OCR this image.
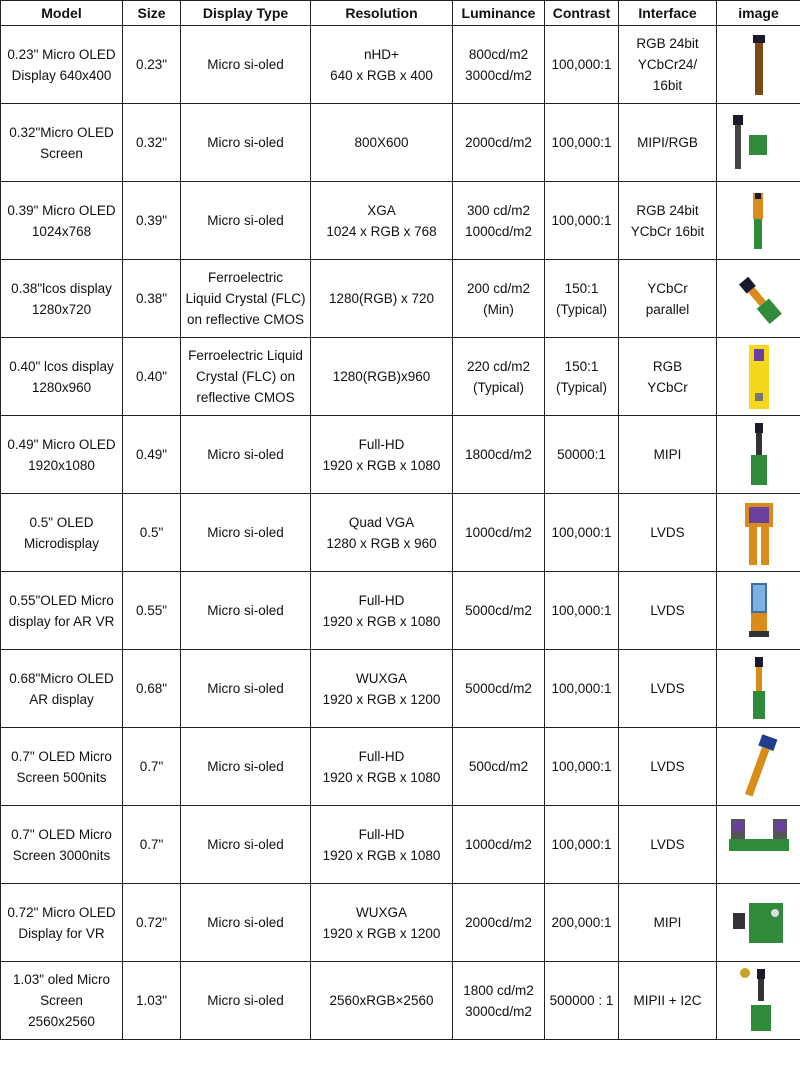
Model	Size	Display Type	Resolution	Luminance	Contrast	Interface	image

0.23" Micro OLED
Display 640x400	0.23"	Micro si-oled	nHD+
640 x RGB x 400	800cd/m2
3000cd/m2	100,000:1	RGB 24bit
YCbCr24/
16bit

0.32"Micro OLED
Screen	0.32"	Micro si-oled	800X600	2000cd/m2	100,000:1	MIPI/RGB

0.39" Micro OLED
1024x768	0.39"	Micro si-oled	XGA
1024 x RGB x 768	300 cd/m2
1000cd/m2	100,000:1	RGB 24bit
YCbCr 16bit

0.38"lcos display
1280x720	0.38"	Ferroelectric
Liquid Crystal (FLC)
on reflective CMOS	1280(RGB) x 720	200 cd/m2
(Min)	150:1
(Typical)	YCbCr
parallel

0.40" lcos display
1280x960	0.40"	Ferroelectric Liquid
Crystal (FLC) on
reflective CMOS	1280(RGB)x960	220 cd/m2
(Typical)	150:1
(Typical)	RGB
YCbCr

0.49" Micro OLED
1920x1080	0.49"	Micro si-oled	Full-HD
1920 x RGB x 1080	1800cd/m2	50000:1	MIPI

0.5" OLED
Microdisplay	0.5"	Micro si-oled	Quad VGA
1280 x RGB x 960	1000cd/m2	100,000:1	LVDS

0.55"OLED Micro
display for AR VR	0.55"	Micro si-oled	Full-HD
1920 x RGB x 1080	5000cd/m2	100,000:1	LVDS

0.68"Micro OLED
AR display	0.68"	Micro si-oled	WUXGA
1920 x RGB x 1200	5000cd/m2	100,000:1	LVDS

0.7" OLED Micro
Screen 500nits	0.7"	Micro si-oled	Full-HD
1920 x RGB x 1080	500cd/m2	100,000:1	LVDS

0.7" OLED Micro
Screen 3000nits	0.7"	Micro si-oled	Full-HD
1920 x RGB x 1080	1000cd/m2	100,000:1	LVDS

0.72" Micro OLED
Display for VR	0.72"	Micro si-oled	WUXGA
1920 x RGB x 1200	2000cd/m2	200,000:1	MIPI

1.03" oled Micro
Screen
2560x2560	1.03"	Micro si-oled	2560xRGB×2560	1800 cd/m2
3000cd/m2	500000 : 1	MIPII + I2C
